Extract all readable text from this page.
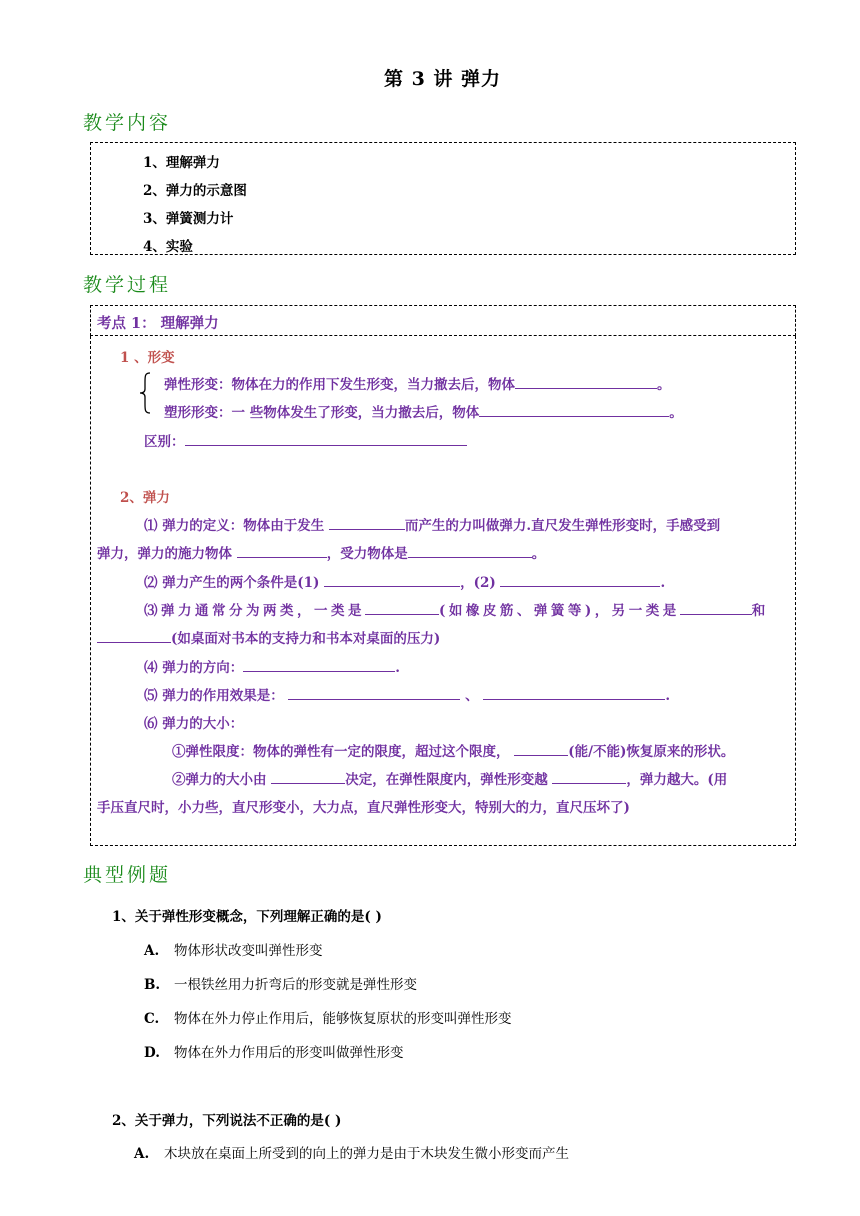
第 3 讲 弹力
教学内容
1、理解弹力
2、弹力的示意图
3、弹簧测力计
4、实验
教学过程
考点 1： 理解弹力
1 、形变
弹性形变：物体在力的作用下发生形变，当力撤去后，物体	。
塑形形变：一 些物体发生了形变，当力撤去后，物体	。
区别：
2、弹力
⑴ 弹力的定义：物体由于发生	而产生的力叫做弹力.直尺发生弹性形变时，手感受到
弹力，弹力的施力物体	，受力物体是	。
⑵ 弹力产生的两个条件是(1)	，(2)	.
⑶ 弹 力 通 常 分 为 两 类 ， 一 类 是	( 如 橡 皮 筋 、 弹 簧 等 ) ， 另 一 类 是	和
(如桌面对书本的支持力和书本对桌面的压力)
⑷ 弹力的方向：	.
⑸ 弹力的作用效果是：	、	.
⑹ 弹力的大小：
①弹性限度：物体的弹性有一定的限度，超过这个限度，	(能/不能)恢复原来的形状。
②弹力的大小由	决定，在弹性限度内，弹性形变越	，弹力越大。(用
手压直尺时，小力些，直尺形变小，大力点，直尺弹性形变大，特别大的力，直尺压坏了)
典型例题
1、关于弹性形变概念，下列理解正确的是( )
A. 物体形状改变叫弹性形变
B. 一根铁丝用力折弯后的形变就是弹性形变
C. 物体在外力停止作用后，能够恢复原状的形变叫弹性形变
D. 物体在外力作用后的形变叫做弹性形变
2、关于弹力，下列说法不正确的是( )
A. 木块放在桌面上所受到的向上的弹力是由于木块发生微小形变而产生
